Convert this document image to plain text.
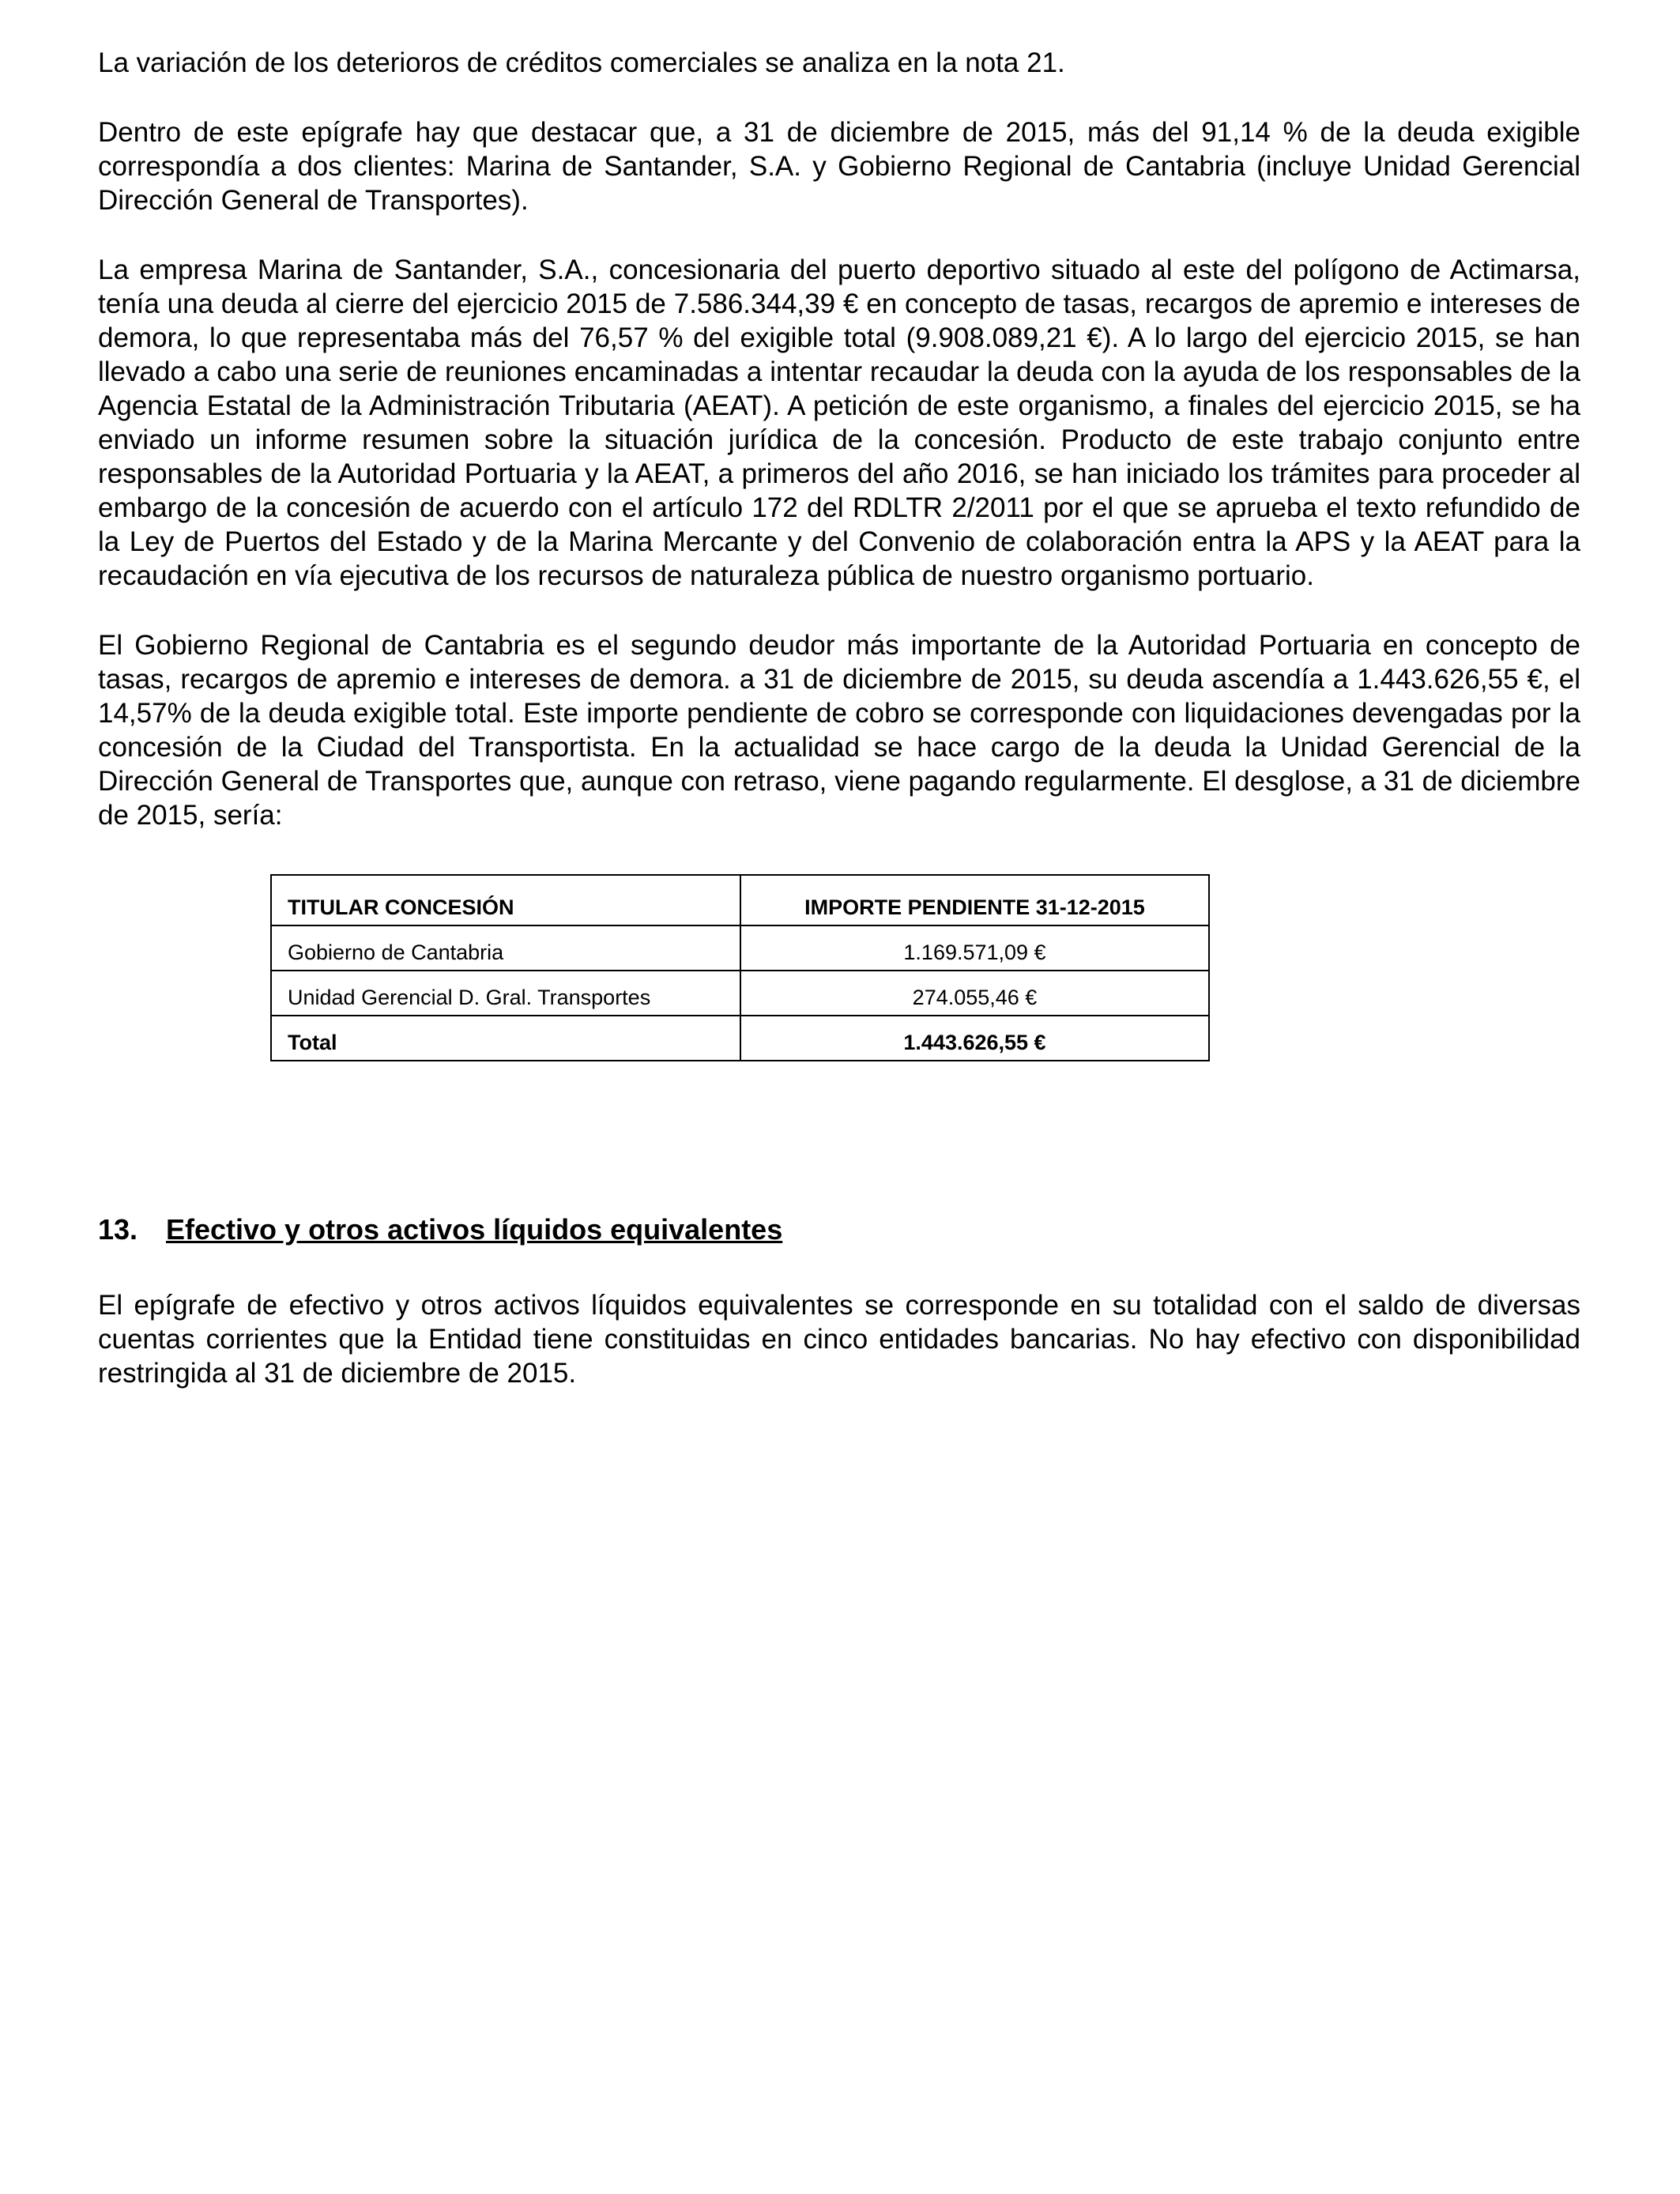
La variación de los deterioros de créditos comerciales se analiza en la nota 21.

Dentro de este epígrafe hay que destacar que, a 31 de diciembre de 2015, más del 91,14 % de la deuda exigible correspondía a dos clientes: Marina de Santander, S.A. y Gobierno Regional de Cantabria (incluye Unidad Gerencial Dirección General de Transportes).

La empresa Marina de Santander, S.A., concesionaria del puerto deportivo situado al este del polígono de Actimarsa, tenía una deuda al cierre del ejercicio 2015 de 7.586.344,39 € en concepto de tasas, recargos de apremio e intereses de demora, lo que representaba más del 76,57 % del exigible total (9.908.089,21 €). A lo largo del ejercicio 2015, se han llevado a cabo una serie de reuniones encaminadas a intentar recaudar la deuda con la ayuda de los responsables de la Agencia Estatal de la Administración Tributaria (AEAT). A petición de este organismo, a finales del ejercicio 2015, se ha enviado un informe resumen sobre la situación jurídica de la concesión. Producto de este trabajo conjunto entre responsables de la Autoridad Portuaria y la AEAT, a primeros del año 2016, se han iniciado los trámites para proceder al embargo de la concesión de acuerdo con el artículo 172 del RDLTR 2/2011 por el que se aprueba el texto refundido de la Ley de Puertos del Estado y de la Marina Mercante y del Convenio de colaboración entra la APS y la AEAT para la recaudación en vía ejecutiva de los recursos de naturaleza pública de nuestro organismo portuario.

El Gobierno Regional de Cantabria es el segundo deudor más importante de la Autoridad Portuaria en concepto de tasas, recargos de apremio e intereses de demora. a 31 de diciembre de 2015, su deuda ascendía a 1.443.626,55 €, el 14,57% de la deuda exigible total. Este importe pendiente de cobro se corresponde con liquidaciones devengadas por la concesión de la Ciudad del Transportista. En la actualidad se hace cargo de la deuda la Unidad Gerencial de la Dirección General de Transportes que, aunque con retraso, viene pagando regularmente. El desglose, a 31 de diciembre de 2015, sería:

TITULAR CONCESIÓN	IMPORTE PENDIENTE 31-12-2015
Gobierno de Cantabria	1.169.571,09 €
Unidad Gerencial D. Gral. Transportes	274.055,46 €
Total	1.443.626,55 €
13. Efectivo y otros activos líquidos equivalentes

El epígrafe de efectivo y otros activos líquidos equivalentes se corresponde en su totalidad con el saldo de diversas cuentas corrientes que la Entidad tiene constituidas en cinco entidades bancarias. No hay efectivo con disponibilidad restringida al 31 de diciembre de 2015.
